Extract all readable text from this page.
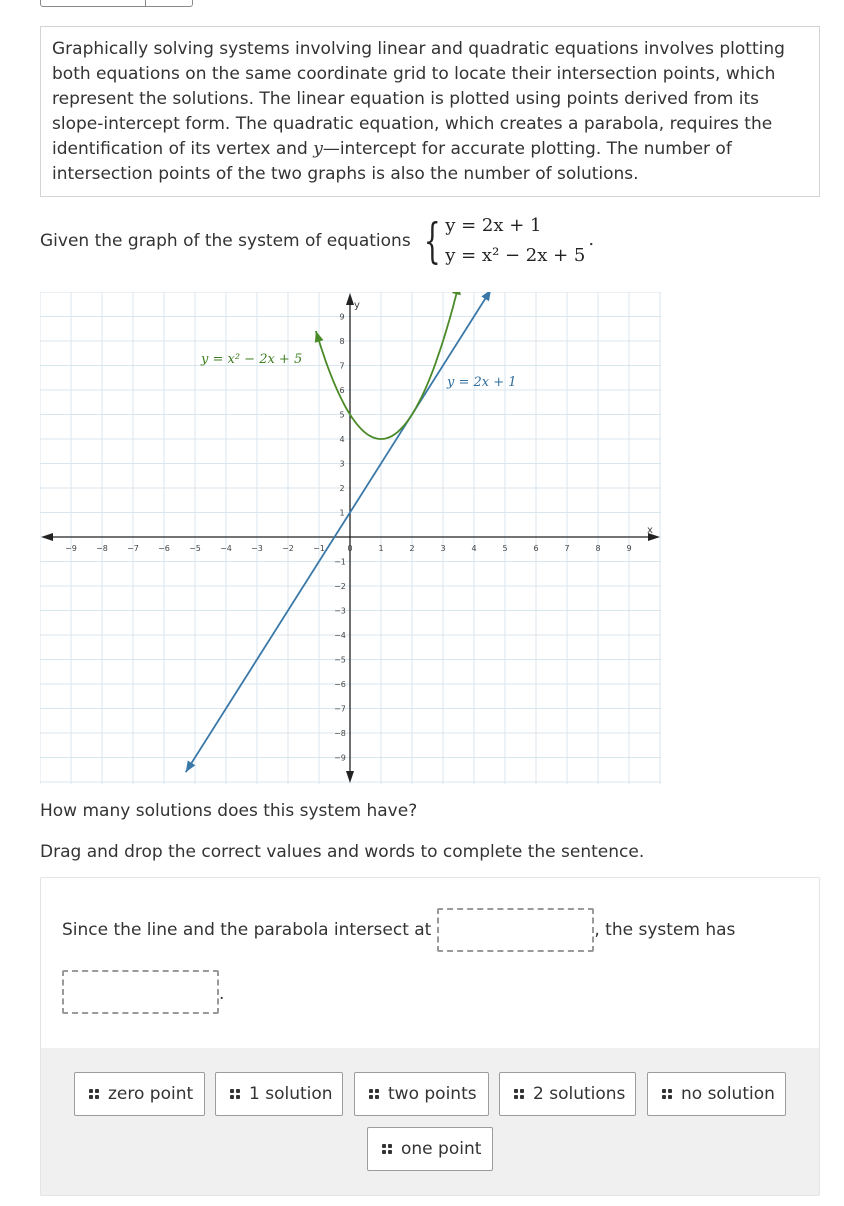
Graphically solving systems involving linear and quadratic equations involves plotting both equations on the same coordinate grid to locate their intersection points, which represent the solutions. The linear equation is plotted using points derived from its slope-intercept form. The quadratic equation, which creates a parabola, requires the identification of its vertex and y—intercept for accurate plotting. The number of intersection points of the two graphs is also the number of solutions.
Given the graph of the system of equations { y = 2x + 1
y = x² − 2x + 5
.
−9 −8 −7 −6 −5 −4 −3 −2 −1	0	1	2	3	4	5	6	7	8	9
1
2
3
4
5
6
7
8
9
−1
−2
−3
−4
−5
−6
−7
−8
−9
y = x² − 2x + 5
y = 2x + 1
x
y
How many solutions does this system have?
Drag and drop the correct values and words to complete the sentence.
Since the line and the parabola intersect at	, the system has
.
zero point	1 solution	two points	2 solutions	no solution
one point
